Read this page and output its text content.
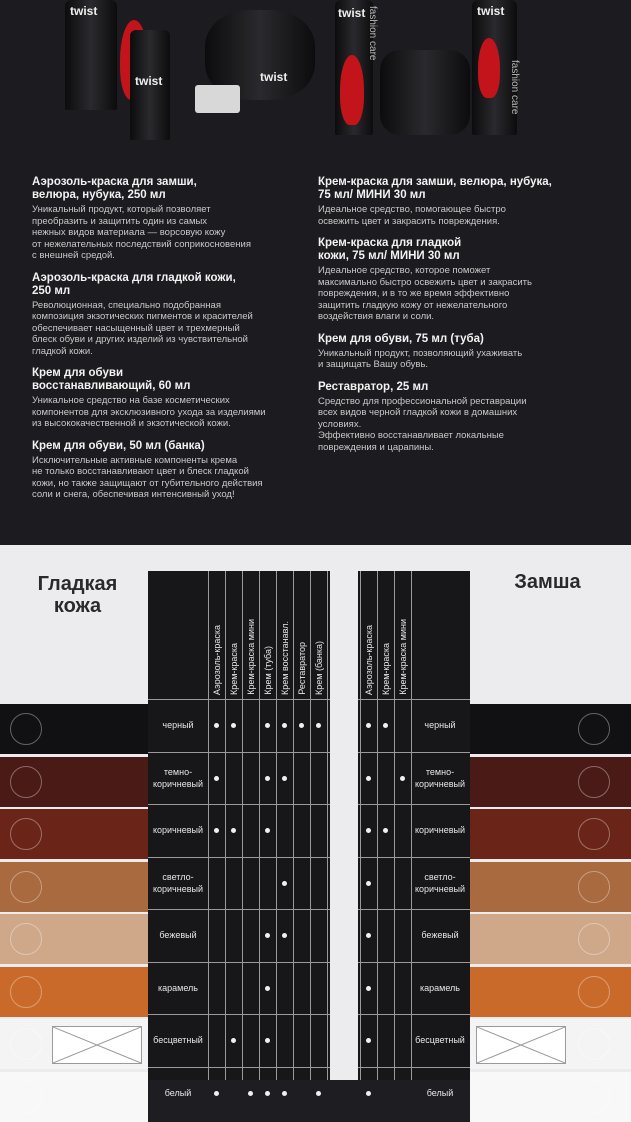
twist
twist	twist
twist fashion care	twist
fashion care
Аэрозоль-краска для замши,
велюра, нубука, 250 мл

Уникальный продукт, который позволяет
преобразить и защитить один из самых
нежных видов материала — ворсовую кожу
от нежелательных последствий соприкосновения
с внешней средой.

Аэрозоль-краска для гладкой кожи,
250 мл

Революционная, специально подобранная
композиция экзотических пигментов и красителей
обеспечивает насыщенный цвет и трехмерный
блеск обуви и других изделий из чувствительной
гладкой кожи.

Крем для обуви
восстанавливающий, 60 мл

Уникальное средство на базе косметических
компонентов для эксклюзивного ухода за изделиями
из высококачественной и экзотической кожи.

Крем для обуви, 50 мл (банка)

Исключительные активные компоненты крема
не только восстанавливают цвет и блеск гладкой
кожи, но также защищают от губительного действия
соли и снега, обеспечивая интенсивный уход!

Крем-краска для замши, велюра, нубука,
75 мл/ МИНИ 30 мл

Идеальное средство, помогающее быстро
освежить цвет и закрасить повреждения.

Крем-краска для гладкой
кожи, 75 мл/ МИНИ 30 мл

Идеальное средство, которое поможет
максимально быстро освежить цвет и закрасить
повреждения, и в то же время эффективно
защитить гладкую кожу от нежелательного
воздействия влаги и соли.

Крем для обуви, 75 мл (туба)

Уникальный продукт, позволяющий ухаживать
и защищать Вашу обувь.

Реставратор, 25 мл

Средство для профессиональной реставрации
всех видов черной гладкой кожи в домашних
условиях.
Эффективно восстанавливает локальные
повреждения и царапины.

Гладкая
кожа
Замша
Аэрозоль-краска Крем-краска Крем-краска мини Крем (туба) Крем восстанавл. Реставратор Крем (банка)
черный
темно-
коричневый
коричневый
светло-
коричневый
бежевый
карамель
бесцветный
белый
Аэрозоль-краска Крем-краска Крем-краска мини
черный
темно-
коричневый
коричневый
светло-
коричневый
бежевый
карамель
бесцветный
белый
